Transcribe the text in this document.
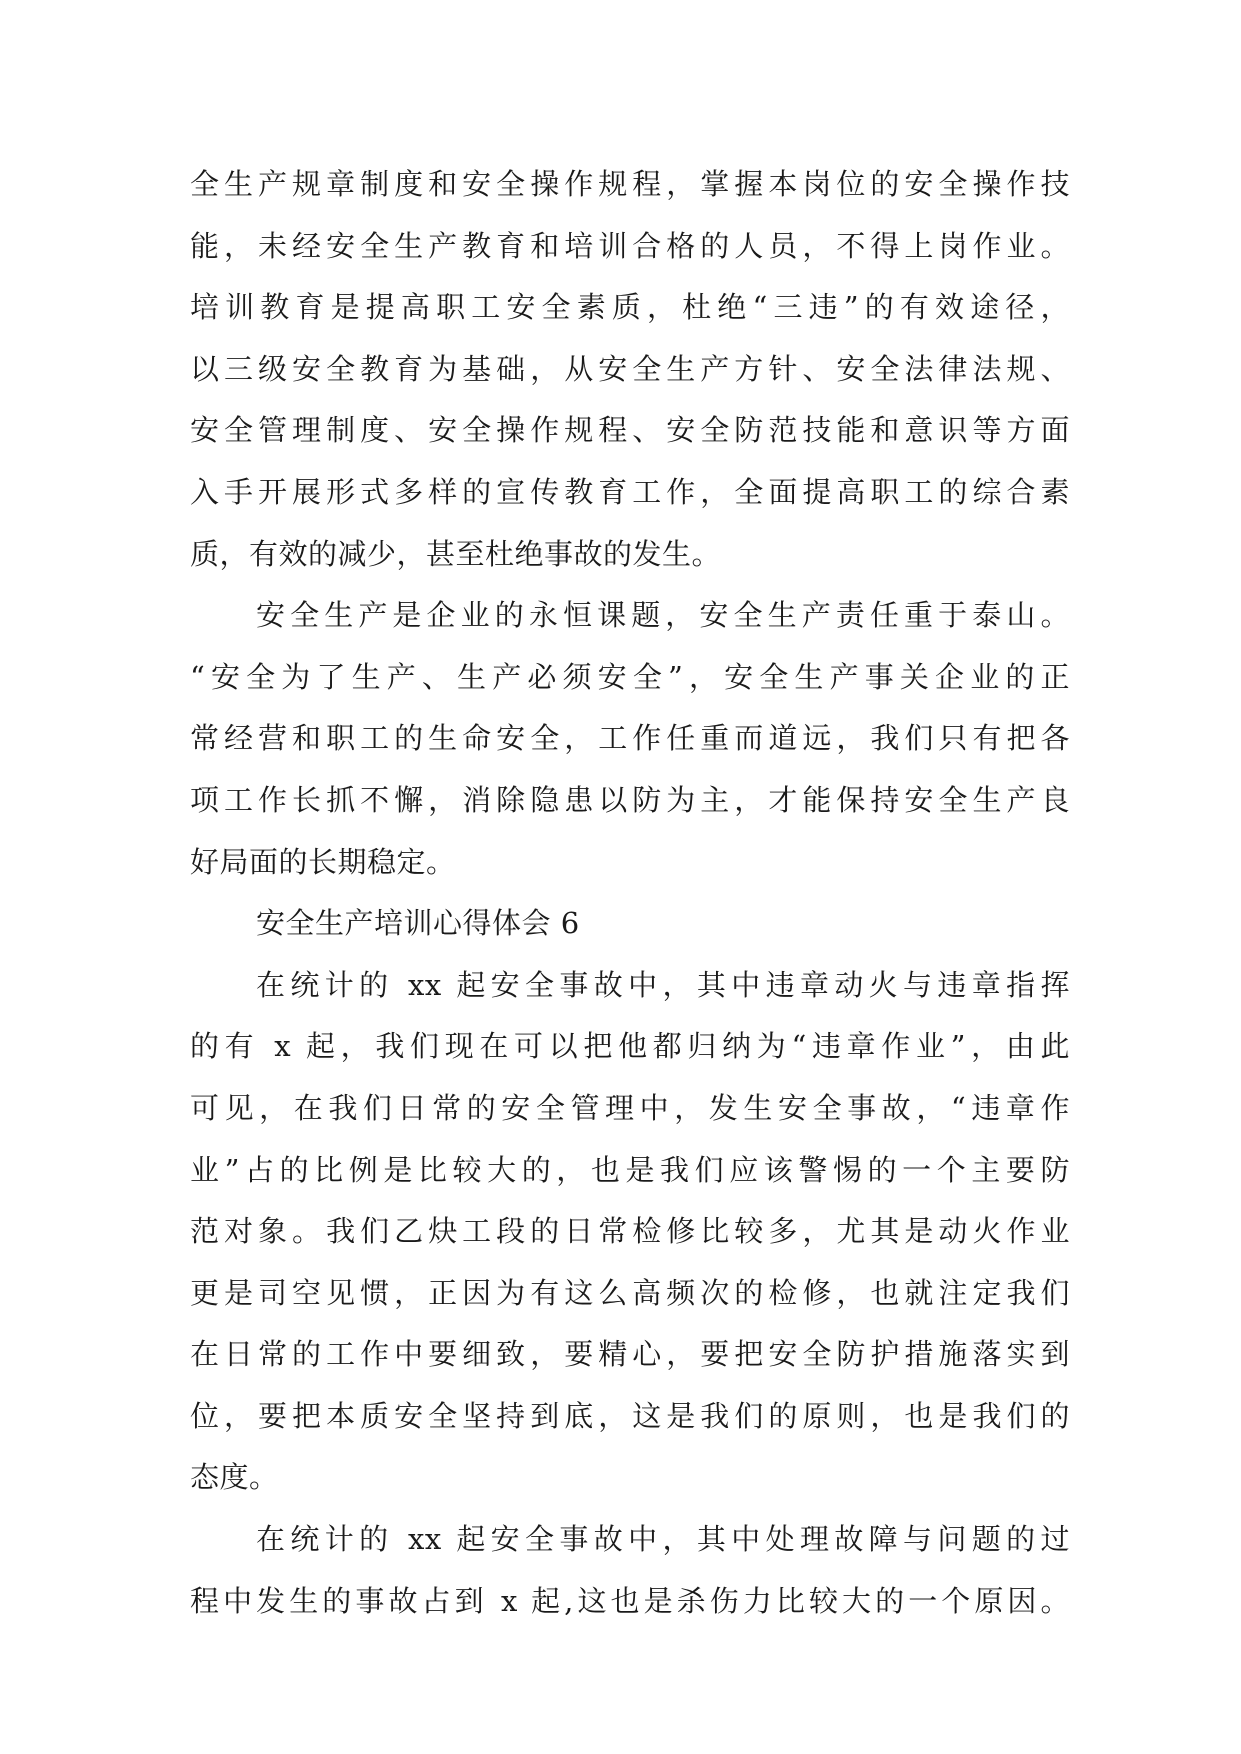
全生产规章制度和安全操作规程，掌握本岗位的安全操作技
能，未经安全生产教育和培训合格的人员，不得上岗作业。
培训教育是提高职工安全素质，杜绝“三违”的有效途径，
以三级安全教育为基础，从安全生产方针、安全法律法规、
安全管理制度、安全操作规程、安全防范技能和意识等方面
入手开展形式多样的宣传教育工作，全面提高职工的综合素
质，有效的减少，甚至杜绝事故的发生。
安全生产是企业的永恒课题，安全生产责任重于泰山。
“安全为了生产、生产必须安全”，安全生产事关企业的正
常经营和职工的生命安全，工作任重而道远，我们只有把各
项工作长抓不懈，消除隐患以防为主，才能保持安全生产良
好局面的长期稳定。
安全生产培训心得体会 6
在统计的 xx 起安全事故中，其中违章动火与违章指挥
的有 x 起，我们现在可以把他都归纳为“违章作业”，由此
可见，在我们日常的安全管理中，发生安全事故，“违章作
业”占的比例是比较大的，也是我们应该警惕的一个主要防
范对象。我们乙炔工段的日常检修比较多，尤其是动火作业
更是司空见惯，正因为有这么高频次的检修，也就注定我们
在日常的工作中要细致，要精心，要把安全防护措施落实到
位，要把本质安全坚持到底，这是我们的原则，也是我们的
态度。
在统计的 xx 起安全事故中，其中处理故障与问题的过
程中发生的事故占到 x 起,这也是杀伤力比较大的一个原因。
